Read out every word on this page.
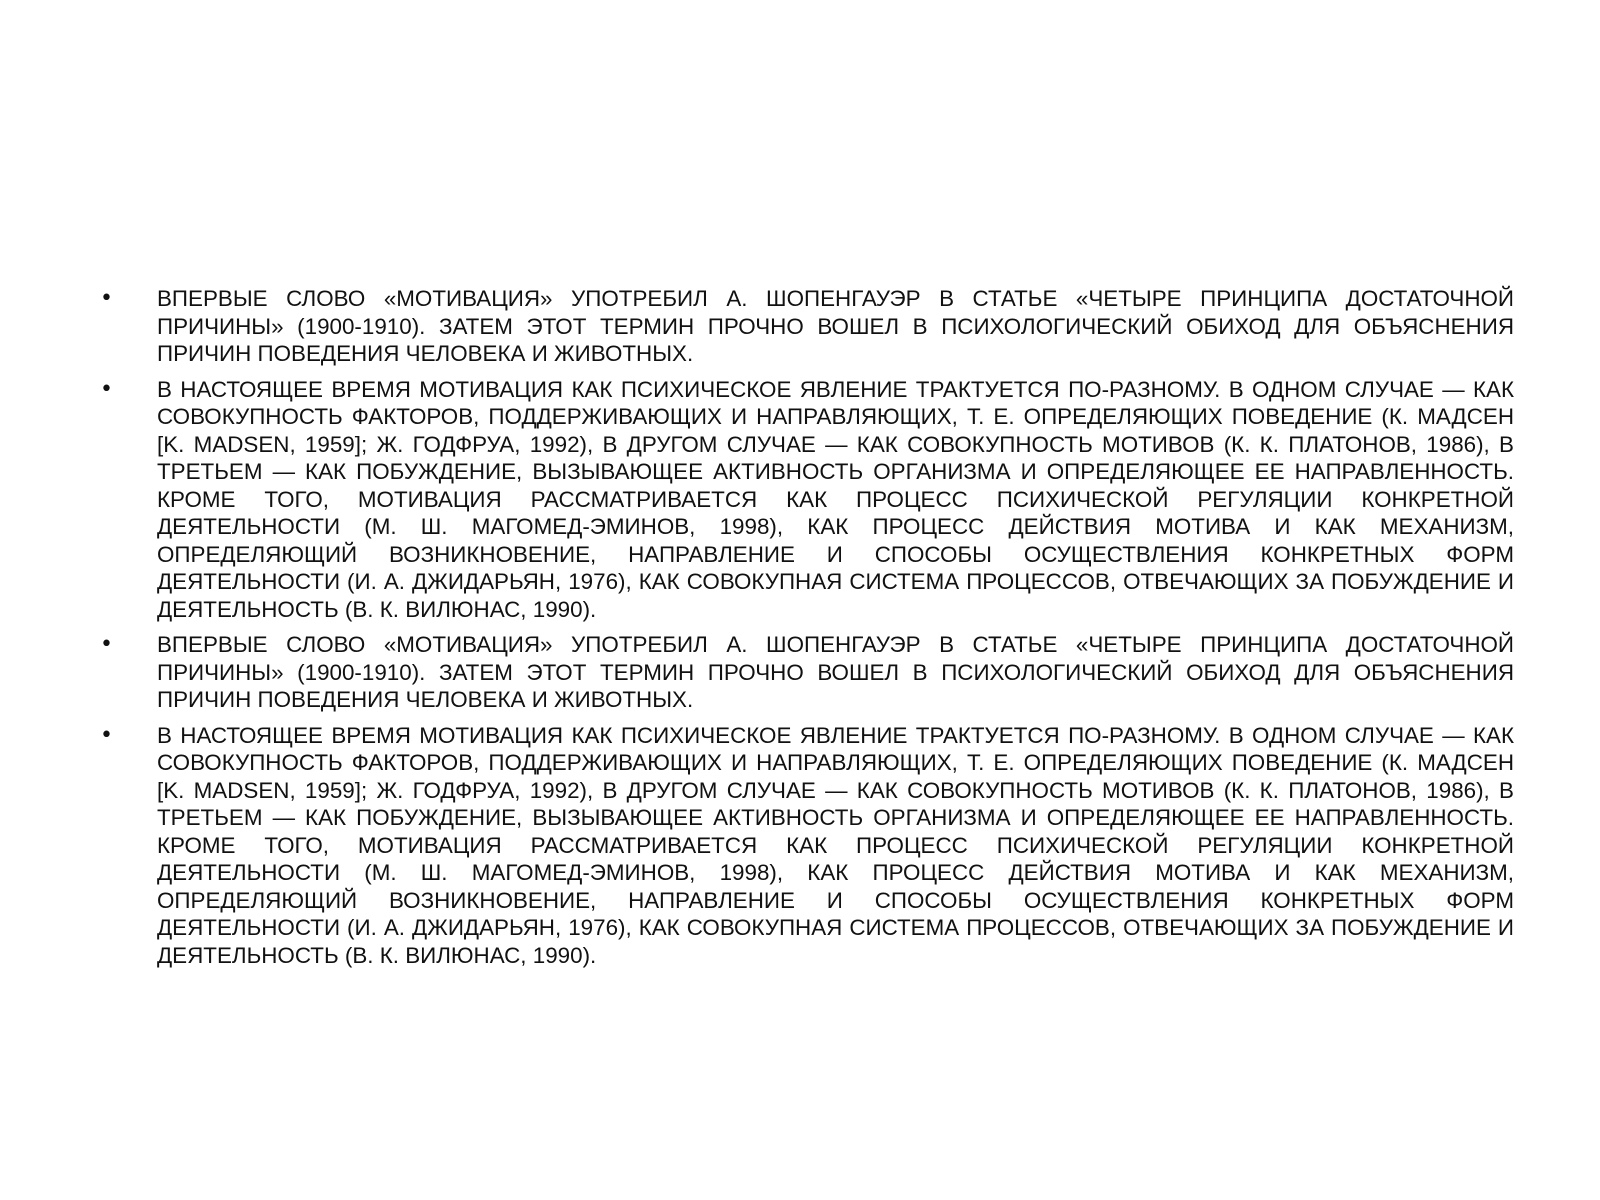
• ВПЕРВЫЕ СЛОВО «МОТИВАЦИЯ» УПОТРЕБИЛ А. ШОПЕНГАУЭР В СТАТЬЕ «ЧЕТЫРЕ ПРИНЦИПА ДОСТАТОЧНОЙ ПРИЧИНЫ» (1900-1910). ЗАТЕМ ЭТОТ ТЕРМИН ПРОЧНО ВОШЕЛ В ПСИХОЛОГИЧЕСКИЙ ОБИХОД ДЛЯ ОБЪЯСНЕНИЯ ПРИЧИН ПОВЕДЕНИЯ ЧЕЛОВЕКА И ЖИВОТНЫХ.
• В НАСТОЯЩЕЕ ВРЕМЯ МОТИВАЦИЯ КАК ПСИХИЧЕСКОЕ ЯВЛЕНИЕ ТРАКТУЕТСЯ ПО-РАЗНОМУ. В ОДНОМ СЛУЧАЕ — КАК СОВОКУПНОСТЬ ФАКТОРОВ, ПОДДЕРЖИВАЮЩИХ И НАПРАВЛЯЮЩИХ, Т. Е. ОПРЕДЕЛЯЮЩИХ ПОВЕДЕНИЕ (К. МАДСЕН [K. MADSEN, 1959]; Ж. ГОДФРУА, 1992), В ДРУГОМ СЛУЧАЕ — КАК СОВОКУПНОСТЬ МОТИВОВ (К. К. ПЛАТОНОВ, 1986), В ТРЕТЬЕМ — КАК ПОБУЖДЕНИЕ, ВЫЗЫВАЮЩЕЕ АКТИВНОСТЬ ОРГАНИЗМА И ОПРЕДЕЛЯЮЩЕЕ ЕЕ НАПРАВЛЕННОСТЬ. КРОМЕ ТОГО, МОТИВАЦИЯ РАССМАТРИВАЕТСЯ КАК ПРОЦЕСС ПСИХИЧЕСКОЙ РЕГУЛЯЦИИ КОНКРЕТНОЙ ДЕЯТЕЛЬНОСТИ (М. Ш. МАГОМЕД-ЭМИНОВ, 1998), КАК ПРОЦЕСС ДЕЙСТВИЯ МОТИВА И КАК МЕХАНИЗМ, ОПРЕДЕЛЯЮЩИЙ ВОЗНИКНОВЕНИЕ, НАПРАВЛЕНИЕ И СПОСОБЫ ОСУЩЕСТВЛЕНИЯ КОНКРЕТНЫХ ФОРМ ДЕЯТЕЛЬНОСТИ (И. А. ДЖИДАРЬЯН, 1976), КАК СОВОКУПНАЯ СИСТЕМА ПРОЦЕССОВ, ОТВЕЧАЮЩИХ ЗА ПОБУЖДЕНИЕ И ДЕЯТЕЛЬНОСТЬ (В. К. ВИЛЮНАС, 1990).
• ВПЕРВЫЕ СЛОВО «МОТИВАЦИЯ» УПОТРЕБИЛ А. ШОПЕНГАУЭР В СТАТЬЕ «ЧЕТЫРЕ ПРИНЦИПА ДОСТАТОЧНОЙ ПРИЧИНЫ» (1900-1910). ЗАТЕМ ЭТОТ ТЕРМИН ПРОЧНО ВОШЕЛ В ПСИХОЛОГИЧЕСКИЙ ОБИХОД ДЛЯ ОБЪЯСНЕНИЯ ПРИЧИН ПОВЕДЕНИЯ ЧЕЛОВЕКА И ЖИВОТНЫХ.
• В НАСТОЯЩЕЕ ВРЕМЯ МОТИВАЦИЯ КАК ПСИХИЧЕСКОЕ ЯВЛЕНИЕ ТРАКТУЕТСЯ ПО-РАЗНОМУ. В ОДНОМ СЛУЧАЕ — КАК СОВОКУПНОСТЬ ФАКТОРОВ, ПОДДЕРЖИВАЮЩИХ И НАПРАВЛЯЮЩИХ, Т. Е. ОПРЕДЕЛЯЮЩИХ ПОВЕДЕНИЕ (К. МАДСЕН [K. MADSEN, 1959]; Ж. ГОДФРУА, 1992), В ДРУГОМ СЛУЧАЕ — КАК СОВОКУПНОСТЬ МОТИВОВ (К. К. ПЛАТОНОВ, 1986), В ТРЕТЬЕМ — КАК ПОБУЖДЕНИЕ, ВЫЗЫВАЮЩЕЕ АКТИВНОСТЬ ОРГАНИЗМА И ОПРЕДЕЛЯЮЩЕЕ ЕЕ НАПРАВЛЕННОСТЬ. КРОМЕ ТОГО, МОТИВАЦИЯ РАССМАТРИВАЕТСЯ КАК ПРОЦЕСС ПСИХИЧЕСКОЙ РЕГУЛЯЦИИ КОНКРЕТНОЙ ДЕЯТЕЛЬНОСТИ (М. Ш. МАГОМЕД-ЭМИНОВ, 1998), КАК ПРОЦЕСС ДЕЙСТВИЯ МОТИВА И КАК МЕХАНИЗМ, ОПРЕДЕЛЯЮЩИЙ ВОЗНИКНОВЕНИЕ, НАПРАВЛЕНИЕ И СПОСОБЫ ОСУЩЕСТВЛЕНИЯ КОНКРЕТНЫХ ФОРМ ДЕЯТЕЛЬНОСТИ (И. А. ДЖИДАРЬЯН, 1976), КАК СОВОКУПНАЯ СИСТЕМА ПРОЦЕССОВ, ОТВЕЧАЮЩИХ ЗА ПОБУЖДЕНИЕ И ДЕЯТЕЛЬНОСТЬ (В. К. ВИЛЮНАС, 1990).
